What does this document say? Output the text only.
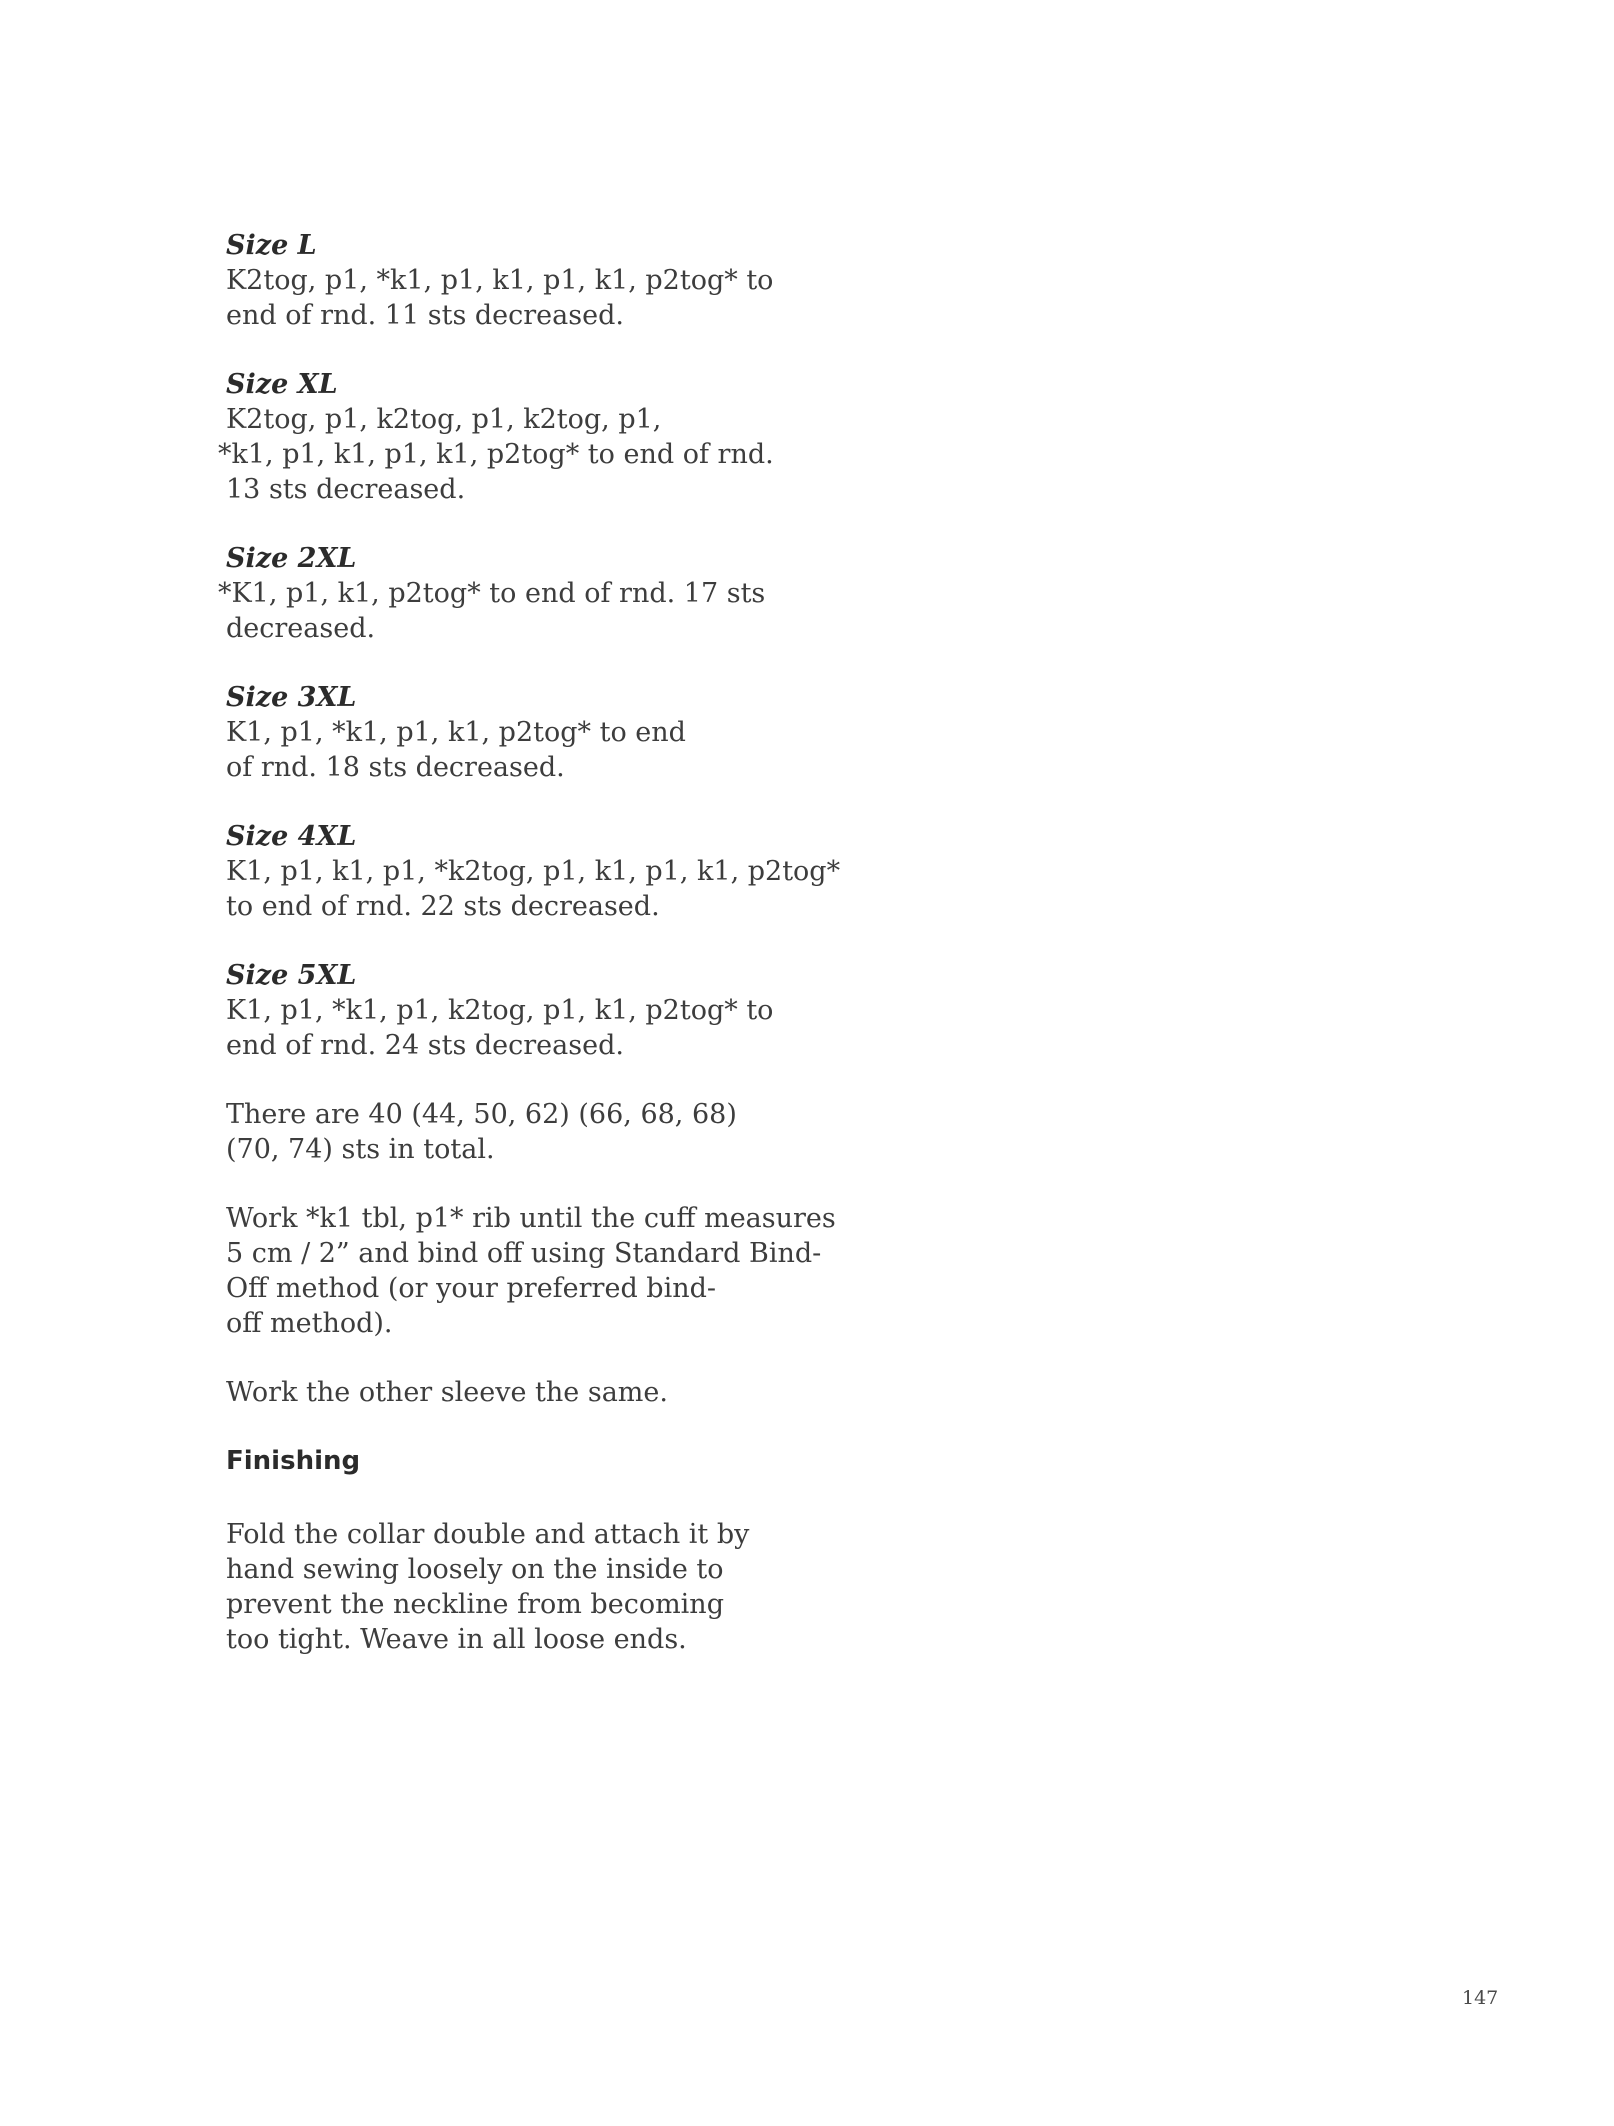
Size L
K2tog, p1, *k1, p1, k1, p1, k1, p2tog* to
end of rnd. 11 sts decreased.
Size XL
K2tog, p1, k2tog, p1, k2tog, p1,
*k1, p1, k1, p1, k1, p2tog* to end of rnd.
13 sts decreased.
Size 2XL
*K1, p1, k1, p2tog* to end of rnd. 17 sts
decreased.
Size 3XL
K1, p1, *k1, p1, k1, p2tog* to end
of rnd. 18 sts decreased.
Size 4XL
K1, p1, k1, p1, *k2tog, p1, k1, p1, k1, p2tog*
to end of rnd. 22 sts decreased.
Size 5XL
K1, p1, *k1, p1, k2tog, p1, k1, p2tog* to
end of rnd. 24 sts decreased.
There are 40 (44, 50, 62) (66, 68, 68)
(70, 74) sts in total.
Work *k1 tbl, p1* rib until the cuff measures
5 cm / 2” and bind off using Standard Bind-
Off method (or your preferred bind-
off method).
Work the other sleeve the same.
Finishing
Fold the collar double and attach it by
hand sewing loosely on the inside to
prevent the neckline from becoming
too tight. Weave in all loose ends.
147
